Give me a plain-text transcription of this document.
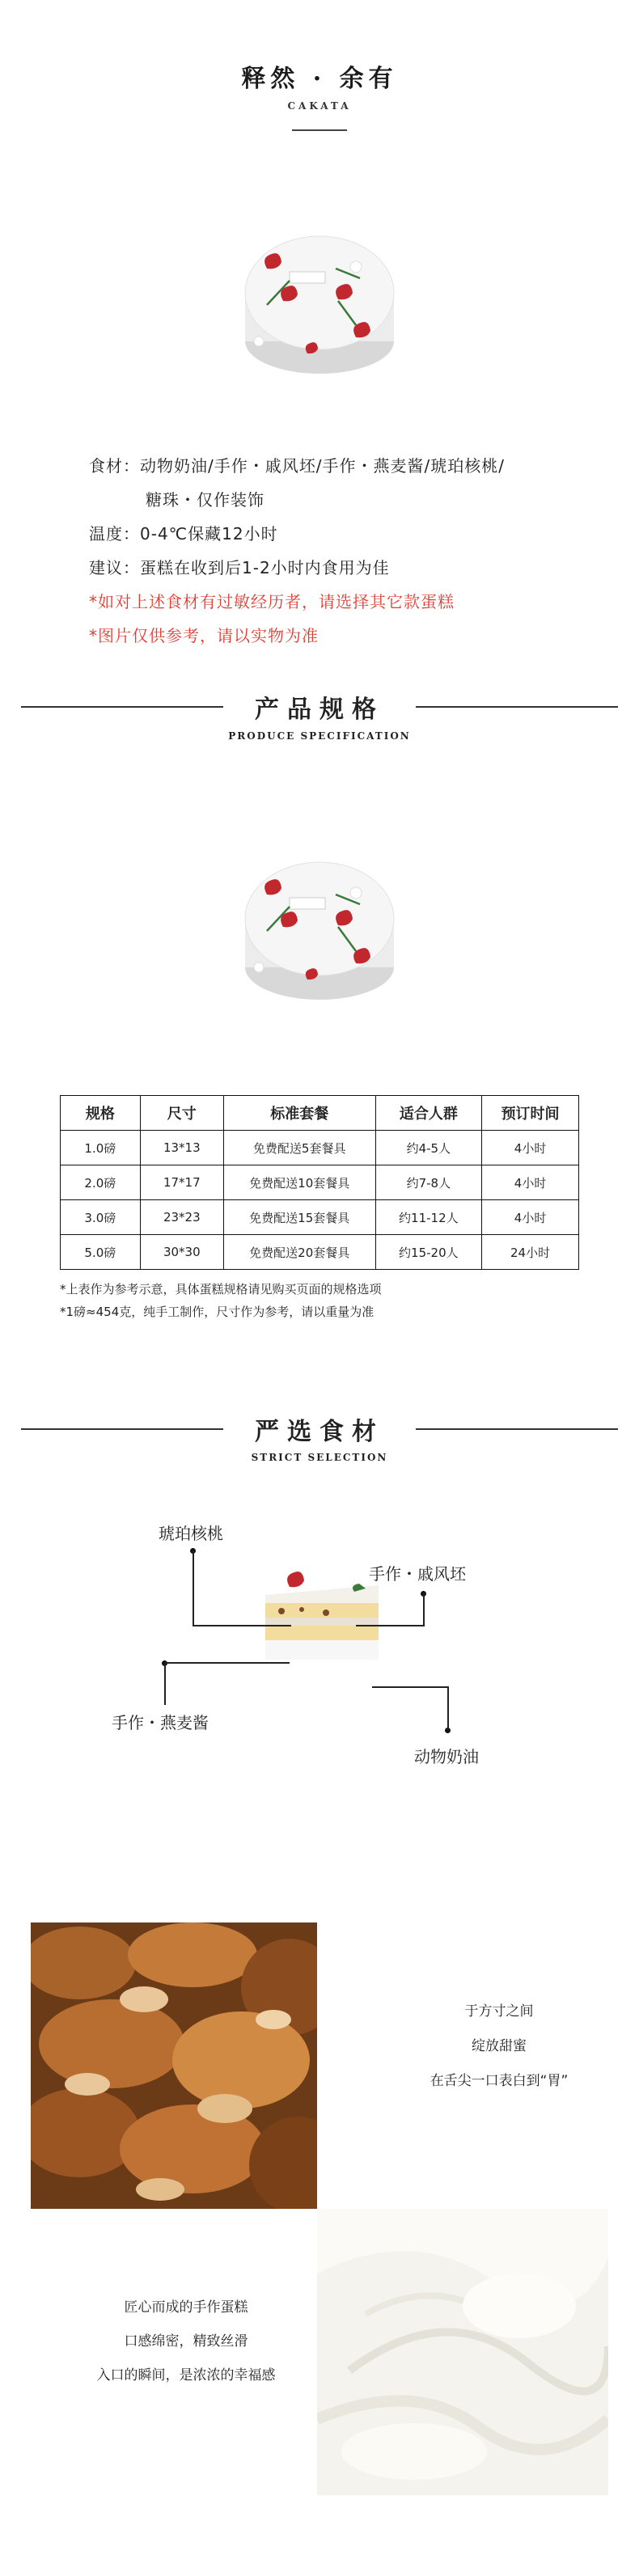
释然 · 余有
CAKATA
食材：动物奶油/手作・戚风坯/手作・燕麦酱/琥珀核桃/
糖珠・仅作装饰
温度：0-4℃保藏12小时
建议：蛋糕在收到后1-2小时内食用为佳
*如对上述食材有过敏经历者，请选择其它款蛋糕
*图片仅供参考，请以实物为准
产品规格
PRODUCE SPECIFICATION
规格	尺寸	标准套餐	适合人群	预订时间
1.0磅	13*13	免费配送5套餐具	约4-5人	4小时
2.0磅	17*17	免费配送10套餐具	约7-8人	4小时
3.0磅	23*23	免费配送15套餐具	约11-12人	4小时
5.0磅	30*30	免费配送20套餐具	约15-20人	24小时
*上表作为参考示意，具体蛋糕规格请见购买页面的规格选项
*1磅≈454克，纯手工制作，尺寸作为参考，请以重量为准
严选食材
STRICT SELECTION
琥珀核桃
手作・戚风坯
手作・燕麦酱
动物奶油
于方寸之间
绽放甜蜜
在舌尖一口表白到“胃”
匠心而成的手作蛋糕
口感绵密，精致丝滑
入口的瞬间，是浓浓的幸福感
